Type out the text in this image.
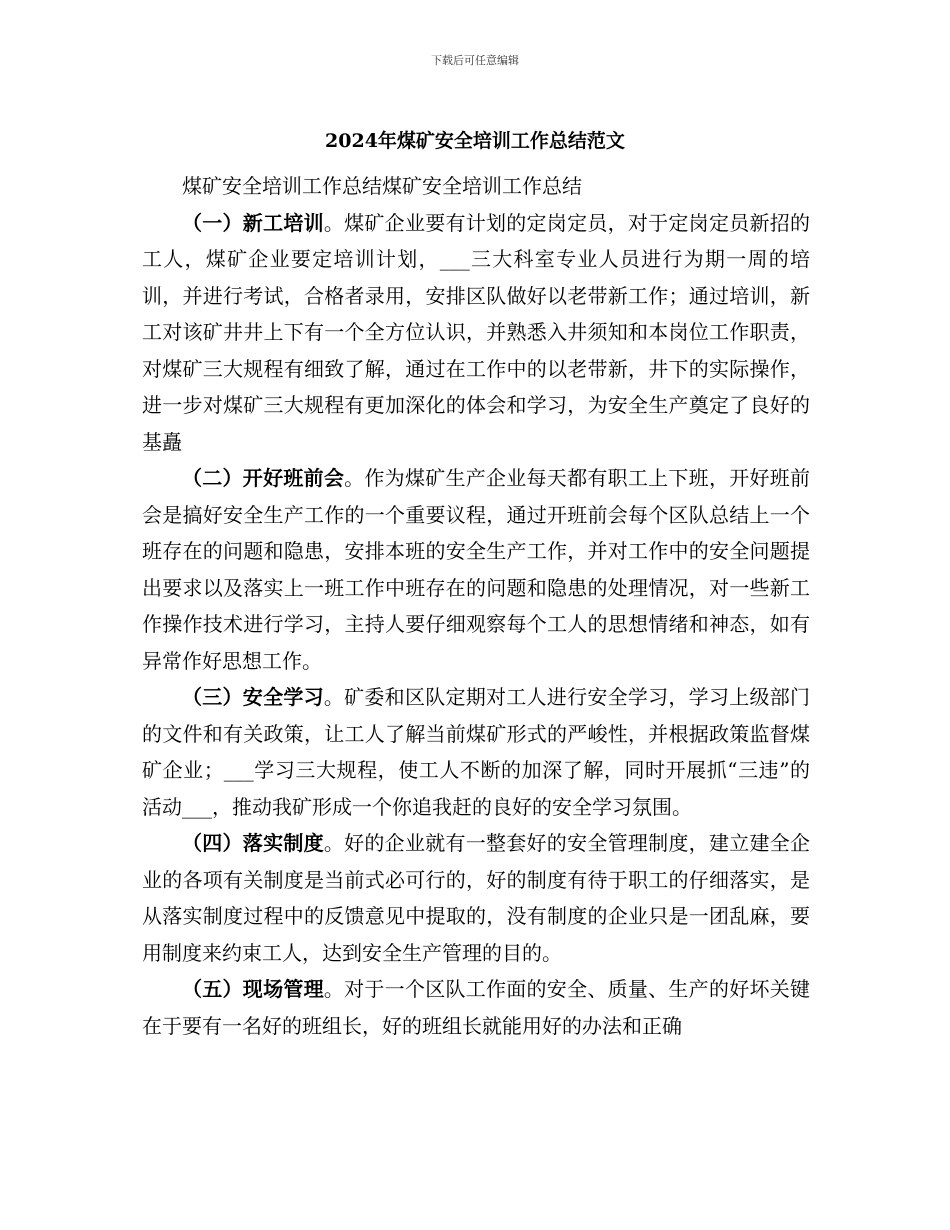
下载后可任意编辑
2024年煤矿安全培训工作总结范文

煤矿安全培训工作总结煤矿安全培训工作总结

（一）新工培训。煤矿企业要有计划的定岗定员，对于定岗定员新招的工人，煤矿企业要定培训计划，___三大科室专业人员进行为期一周的培训，并进行考试，合格者录用，安排区队做好以老带新工作；通过培训，新工对该矿井井上下有一个全方位认识，并熟悉入井须知和本岗位工作职责，对煤矿三大规程有细致了解，通过在工作中的以老带新，井下的实际操作，进一步对煤矿三大规程有更加深化的体会和学习，为安全生产奠定了良好的基矗

（二）开好班前会。作为煤矿生产企业每天都有职工上下班，开好班前会是搞好安全生产工作的一个重要议程，通过开班前会每个区队总结上一个班存在的问题和隐患，安排本班的安全生产工作，并对工作中的安全问题提出要求以及落实上一班工作中班存在的问题和隐患的处理情况，对一些新工作操作技术进行学习，主持人要仔细观察每个工人的思想情绪和神态，如有异常作好思想工作。

（三）安全学习。矿委和区队定期对工人进行安全学习，学习上级部门的文件和有关政策，让工人了解当前煤矿形式的严峻性，并根据政策监督煤矿企业；___学习三大规程，使工人不断的加深了解，同时开展抓“三违”的活动___，推动我矿形成一个你追我赶的良好的安全学习氛围。

（四）落实制度。好的企业就有一整套好的安全管理制度，建立建全企业的各项有关制度是当前式必可行的，好的制度有待于职工的仔细落实，是从落实制度过程中的反馈意见中提取的，没有制度的企业只是一团乱麻，要用制度来约束工人，达到安全生产管理的目的。

（五）现场管理。对于一个区队工作面的安全、质量、生产的好坏关键在于要有一名好的班组长，好的班组长就能用好的办法和正确
